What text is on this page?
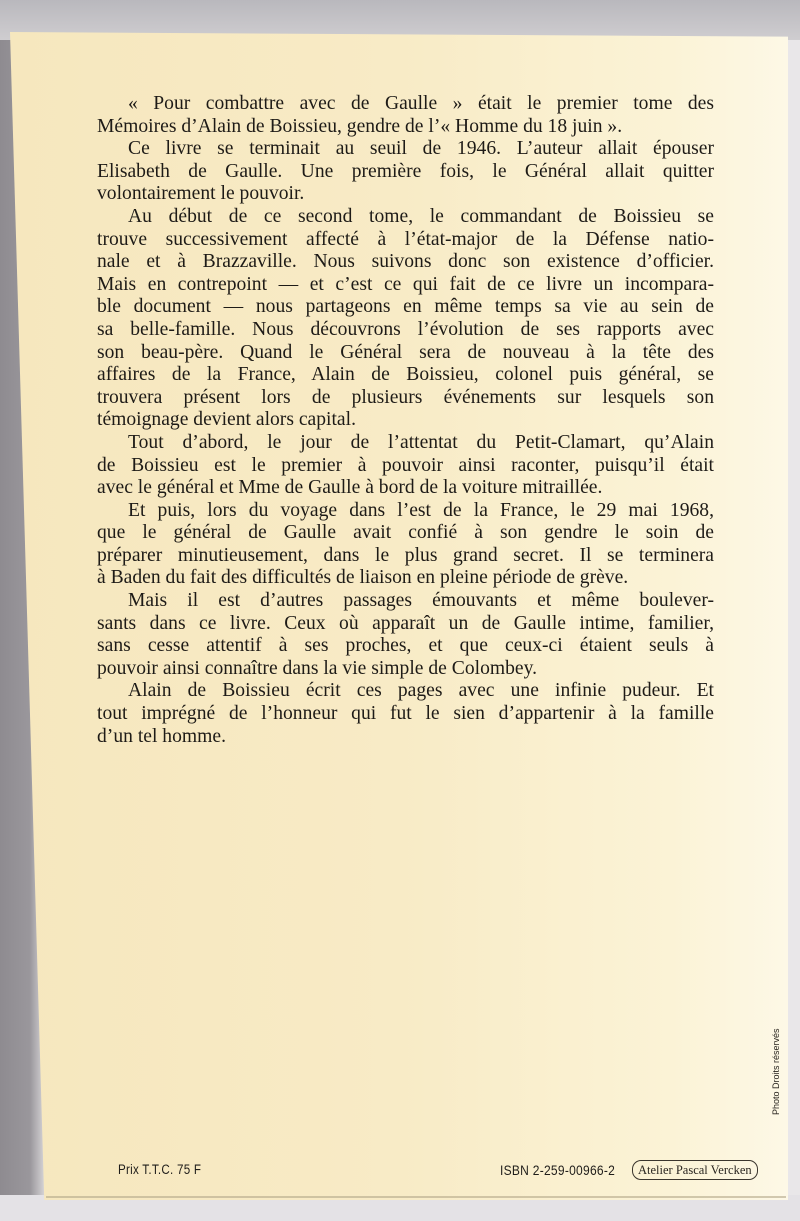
« Pour combattre avec de Gaulle » était le premier tome des
Mémoires d’Alain de Boissieu, gendre de l’« Homme du 18 juin ».
Ce livre se terminait au seuil de 1946. L’auteur allait épouser
Elisabeth de Gaulle. Une première fois, le Général allait quitter
volontairement le pouvoir.
Au début de ce second tome, le commandant de Boissieu se
trouve successivement affecté à l’état-major de la Défense natio-
nale et à Brazzaville. Nous suivons donc son existence d’officier.
Mais en contrepoint — et c’est ce qui fait de ce livre un incompara-
ble document — nous partageons en même temps sa vie au sein de
sa belle-famille. Nous découvrons l’évolution de ses rapports avec
son beau-père. Quand le Général sera de nouveau à la tête des
affaires de la France, Alain de Boissieu, colonel puis général, se
trouvera présent lors de plusieurs événements sur lesquels son
témoignage devient alors capital.
Tout d’abord, le jour de l’attentat du Petit-Clamart, qu’Alain
de Boissieu est le premier à pouvoir ainsi raconter, puisqu’il était
avec le général et Mme de Gaulle à bord de la voiture mitraillée.
Et puis, lors du voyage dans l’est de la France, le 29 mai 1968,
que le général de Gaulle avait confié à son gendre le soin de
préparer minutieusement, dans le plus grand secret. Il se terminera
à Baden du fait des difficultés de liaison en pleine période de grève.
Mais il est d’autres passages émouvants et même boulever-
sants dans ce livre. Ceux où apparaît un de Gaulle intime, familier,
sans cesse attentif à ses proches, et que ceux-ci étaient seuls à
pouvoir ainsi connaître dans la vie simple de Colombey.
Alain de Boissieu écrit ces pages avec une infinie pudeur. Et
tout imprégné de l’honneur qui fut le sien d’appartenir à la famille
d’un tel homme.
Prix T.T.C. 75 F	ISBN 2-259-00966-2	Atelier Pascal Vercken
Photo Droits réservés
